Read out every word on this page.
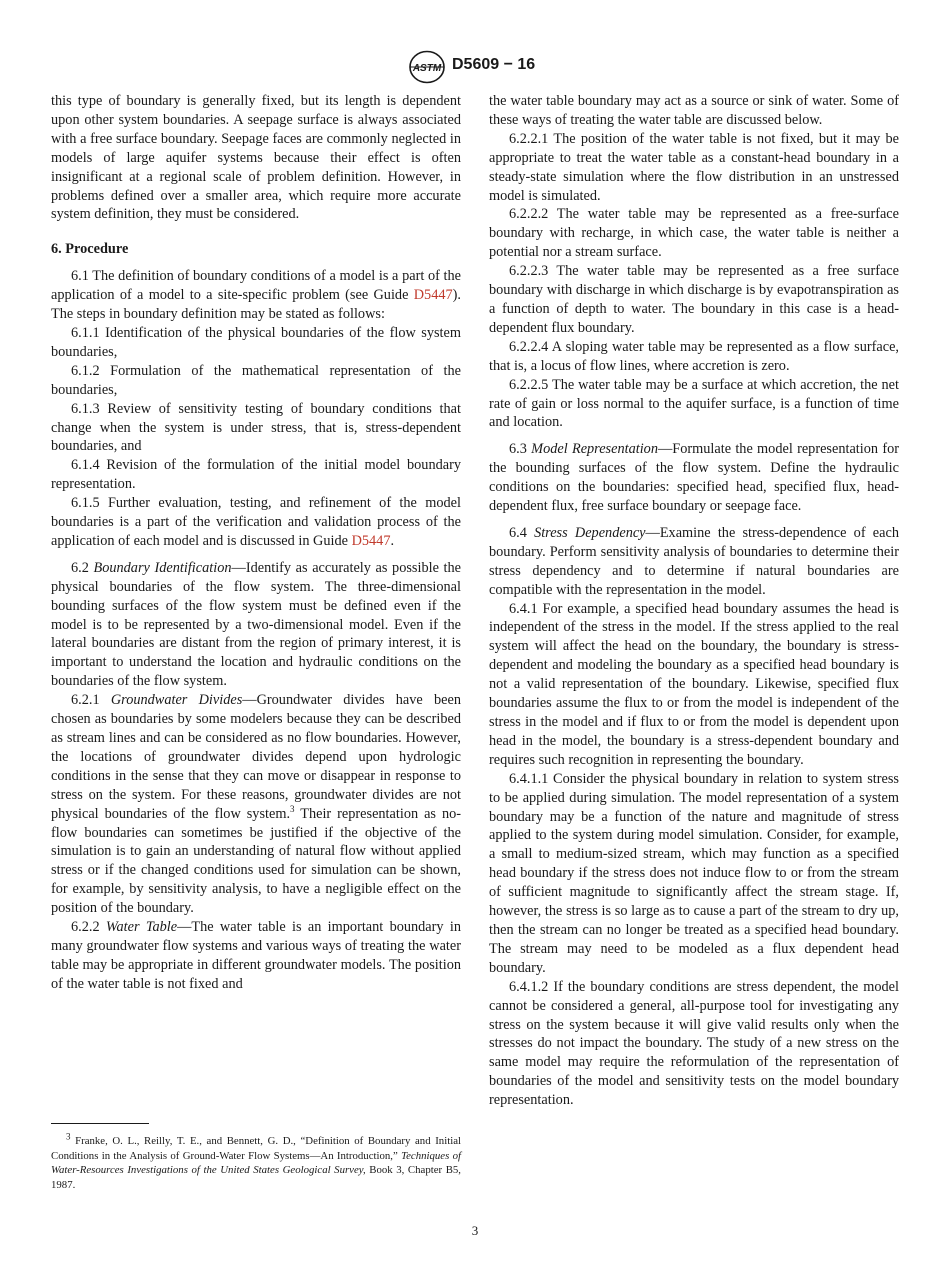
ASTM D5609 − 16

this type of boundary is generally fixed, but its length is dependent upon other system boundaries. A seepage surface is always associated with a free surface boundary. Seepage faces are commonly neglected in models of large aquifer systems because their effect is often insignificant at a regional scale of problem definition. However, in problems defined over a smaller area, which require more accurate system definition, they must be considered.

6. Procedure

6.1 The definition of boundary conditions of a model is a part of the application of a model to a site-specific problem (see Guide D5447). The steps in boundary definition may be stated as follows:

6.1.1 Identification of the physical boundaries of the flow system boundaries,

6.1.2 Formulation of the mathematical representation of the boundaries,

6.1.3 Review of sensitivity testing of boundary conditions that change when the system is under stress, that is, stress-dependent boundaries, and

6.1.4 Revision of the formulation of the initial model boundary representation.

6.1.5 Further evaluation, testing, and refinement of the model boundaries is a part of the verification and validation process of the application of each model and is discussed in Guide D5447.

6.2 Boundary Identification—Identify as accurately as possible the physical boundaries of the flow system. The three-dimensional bounding surfaces of the flow system must be defined even if the model is to be represented by a two-dimensional model. Even if the lateral boundaries are distant from the region of primary interest, it is important to understand the location and hydraulic conditions on the boundaries of the flow system.

6.2.1 Groundwater Divides—Groundwater divides have been chosen as boundaries by some modelers because they can be described as stream lines and can be considered as no flow boundaries. However, the locations of groundwater divides depend upon hydrologic conditions in the sense that they can move or disappear in response to stress on the system. For these reasons, groundwater divides are not physical boundaries of the flow system.$^3$ Their representation as no-flow boundaries can sometimes be justified if the objective of the simulation is to gain an understanding of natural flow without applied stress or if the changed conditions used for simulation can be shown, for example, by sensitivity analysis, to have a negligible effect on the position of the boundary.

6.2.2 Water Table—The water table is an important boundary in many groundwater flow systems and various ways of treating the water table may be appropriate in different groundwater models. The position of the water table is not fixed and

$^3$ Franke, O. L., Reilly, T. E., and Bennett, G. D., “Definition of Boundary and Initial Conditions in the Analysis of Ground-Water Flow Systems—An Introduction,” Techniques of Water-Resources Investigations of the United States Geological Survey, Book 3, Chapter B5, 1987.

the water table boundary may act as a source or sink of water. Some of these ways of treating the water table are discussed below.

6.2.2.1 The position of the water table is not fixed, but it may be appropriate to treat the water table as a constant-head boundary in a steady-state simulation where the flow distribution in an unstressed model is simulated.

6.2.2.2 The water table may be represented as a free-surface boundary with recharge, in which case, the water table is neither a potential nor a stream surface.

6.2.2.3 The water table may be represented as a free surface boundary with discharge in which discharge is by evapotranspiration as a function of depth to water. The boundary in this case is a head-dependent flux boundary.

6.2.2.4 A sloping water table may be represented as a flow surface, that is, a locus of flow lines, where accretion is zero.

6.2.2.5 The water table may be a surface at which accretion, the net rate of gain or loss normal to the aquifer surface, is a function of time and location.

6.3 Model Representation—Formulate the model representation for the bounding surfaces of the flow system. Define the hydraulic conditions on the boundaries: specified head, specified flux, head-dependent flux, free surface boundary or seepage face.

6.4 Stress Dependency—Examine the stress-dependence of each boundary. Perform sensitivity analysis of boundaries to determine their stress dependency and to determine if natural boundaries are compatible with the representation in the model.

6.4.1 For example, a specified head boundary assumes the head is independent of the stress in the model. If the stress applied to the real system will affect the head on the boundary, the boundary is stress-dependent and modeling the boundary as a specified head boundary is not a valid representation of the boundary. Likewise, specified flux boundaries assume the flux to or from the model is independent of the stress in the model and if flux to or from the model is dependent upon head in the model, the boundary is a stress-dependent boundary and requires such recognition in representing the boundary.

6.4.1.1 Consider the physical boundary in relation to system stress to be applied during simulation. The model representation of a system boundary may be a function of the nature and magnitude of stress applied to the system during model simulation. Consider, for example, a small to medium-sized stream, which may function as a specified head boundary if the stress does not induce flow to or from the stream of sufficient magnitude to significantly affect the stream stage. If, however, the stress is so large as to cause a part of the stream to dry up, then the stream can no longer be treated as a specified head boundary. The stream may need to be modeled as a flux dependent head boundary.

6.4.1.2 If the boundary conditions are stress dependent, the model cannot be considered a general, all-purpose tool for investigating any stress on the system because it will give valid results only when the stresses do not impact the boundary. The study of a new stress on the same model may require the reformulation of the representation of boundaries of the model and sensitivity tests on the model boundary representation.

3
